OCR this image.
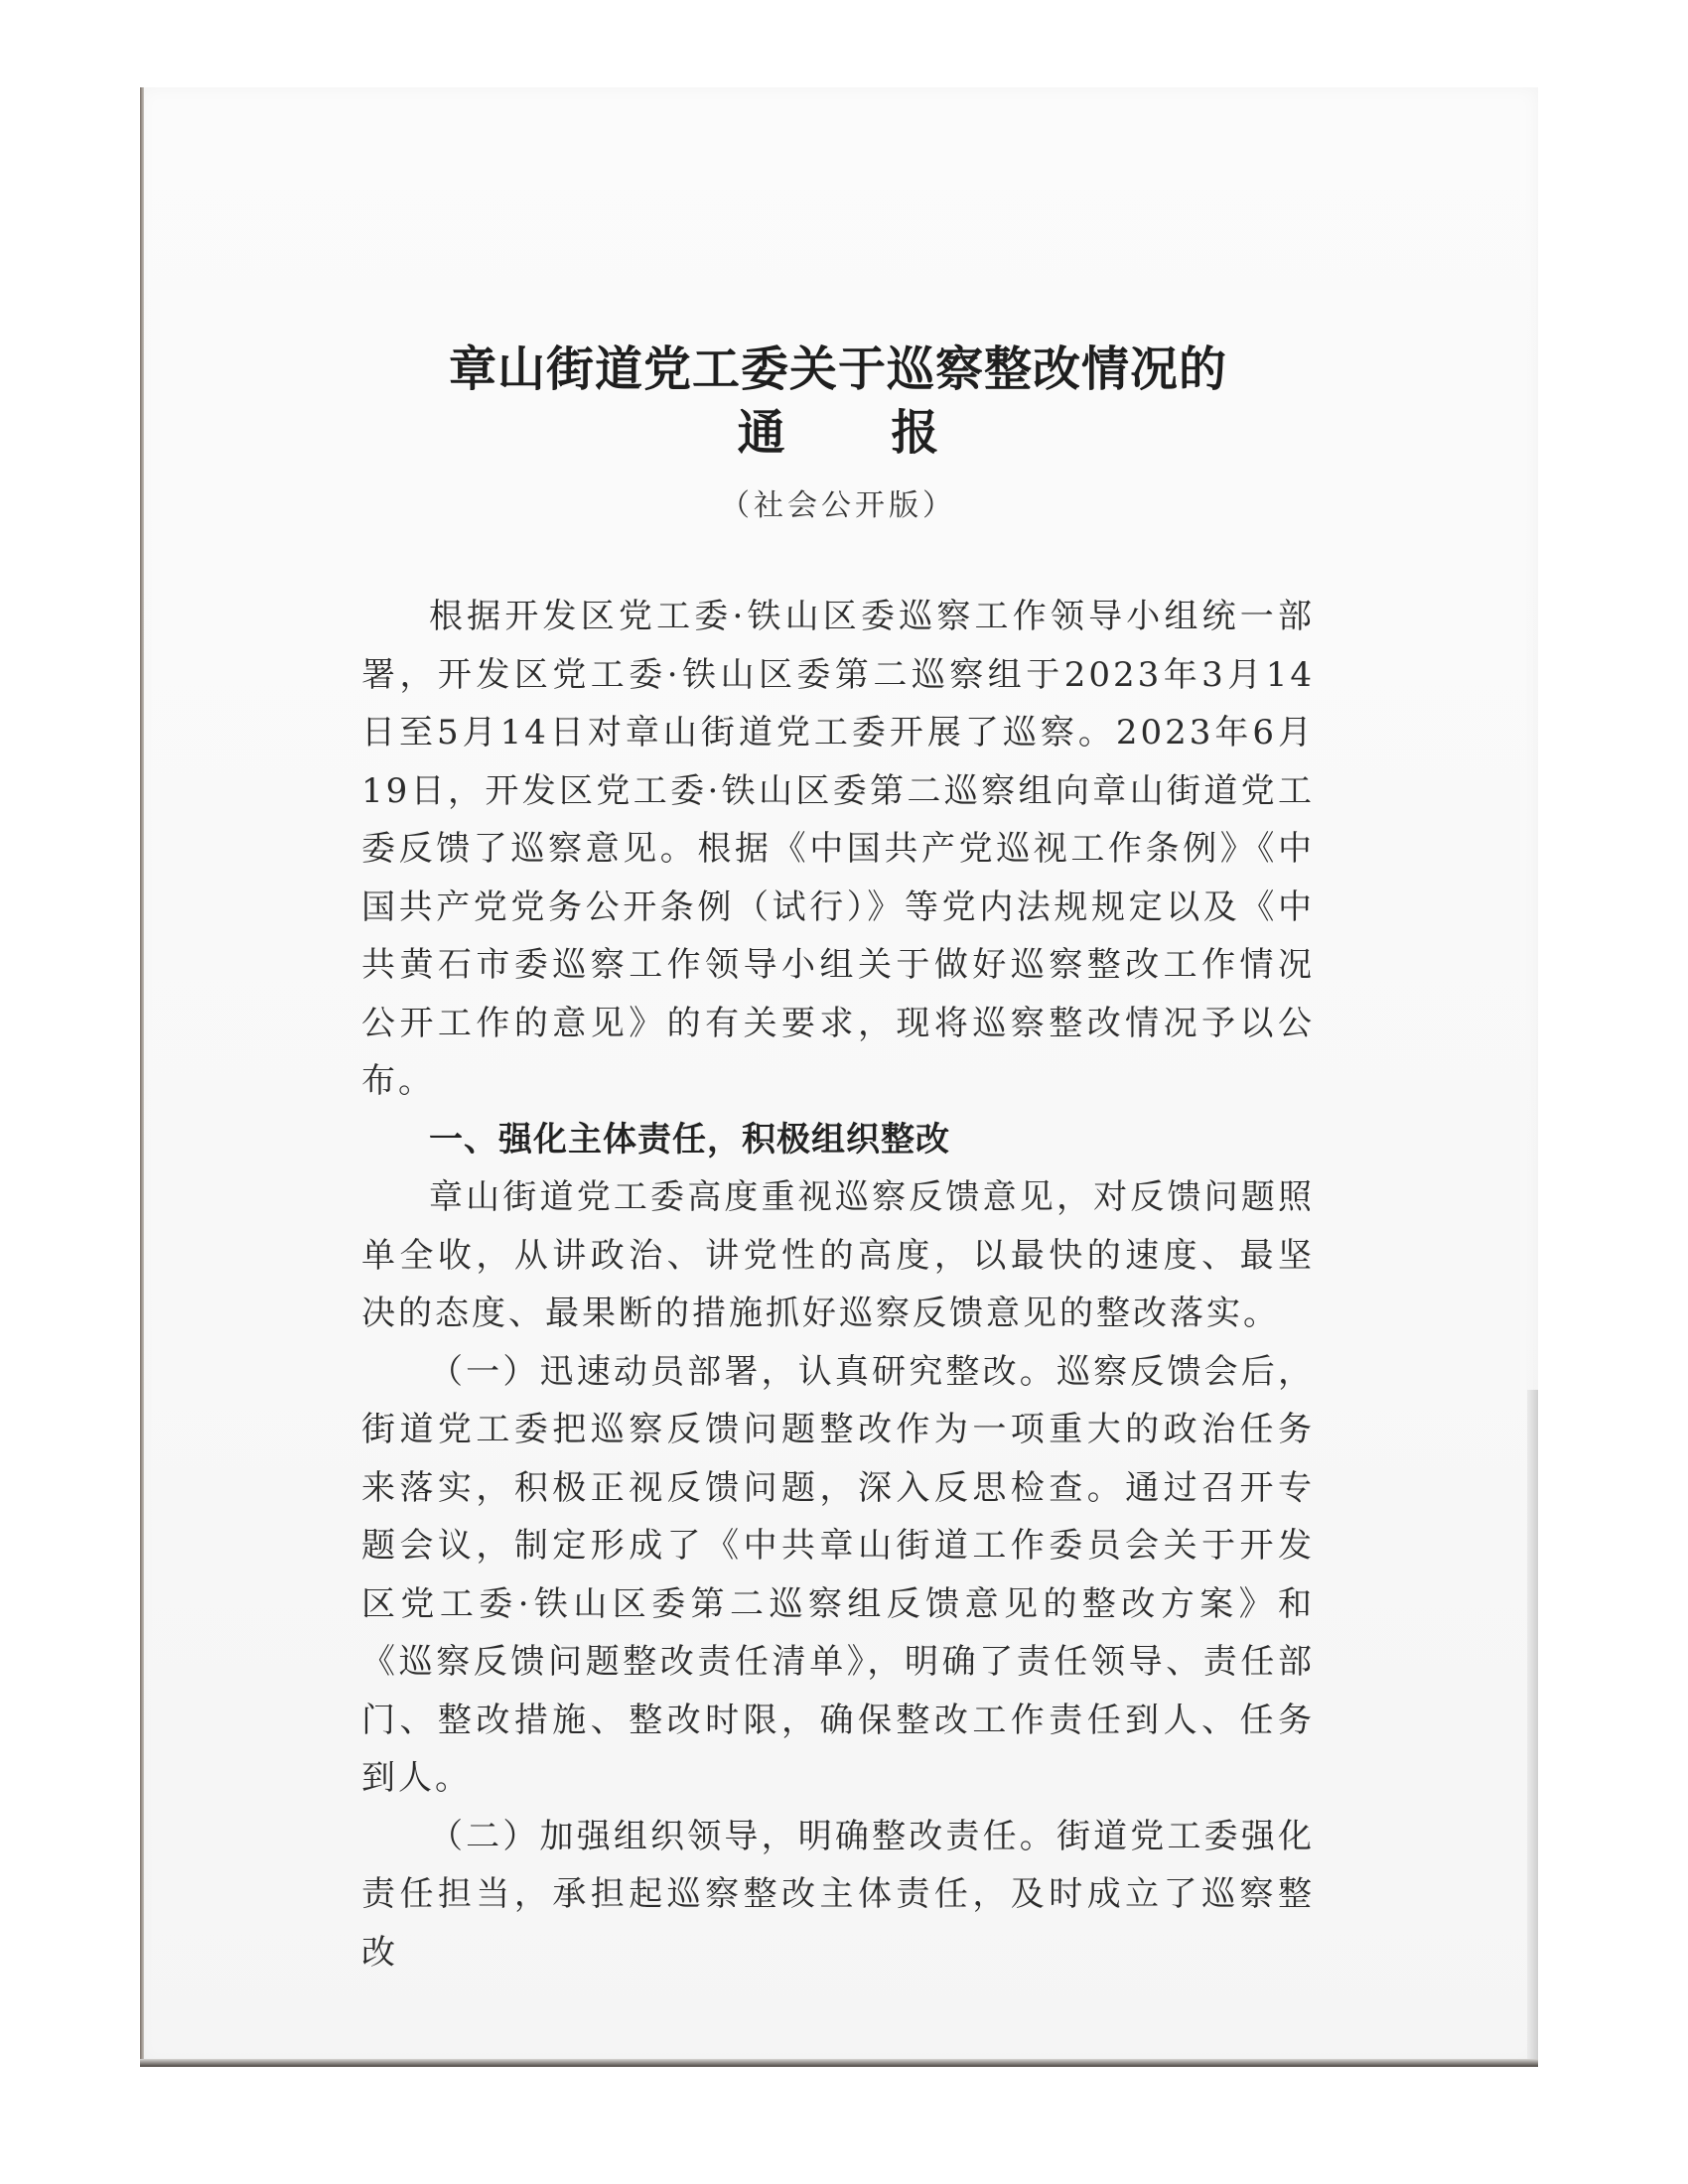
章山街道党工委关于巡察整改情况的
通 报
（社会公开版）

根据开发区党工委·铁山区委巡察工作领导小组统一部署，开发区党工委·铁山区委第二巡察组于2023年3月14日至5月14日对章山街道党工委开展了巡察。2023年6月19日，开发区党工委·铁山区委第二巡察组向章山街道党工委反馈了巡察意见。根据《中国共产党巡视工作条例》《中国共产党党务公开条例（试行）》等党内法规规定以及《中共黄石市委巡察工作领导小组关于做好巡察整改工作情况公开工作的意见》的有关要求，现将巡察整改情况予以公布。

一、强化主体责任，积极组织整改

章山街道党工委高度重视巡察反馈意见，对反馈问题照单全收，从讲政治、讲党性的高度，以最快的速度、最坚决的态度、最果断的措施抓好巡察反馈意见的整改落实。

（一）迅速动员部署，认真研究整改。巡察反馈会后，街道党工委把巡察反馈问题整改作为一项重大的政治任务来落实，积极正视反馈问题，深入反思检查。通过召开专题会议，制定形成了《中共章山街道工作委员会关于开发区党工委·铁山区委第二巡察组反馈意见的整改方案》和《巡察反馈问题整改责任清单》，明确了责任领导、责任部门、整改措施、整改时限，确保整改工作责任到人、任务到人。

（二）加强组织领导，明确整改责任。街道党工委强化责任担当，承担起巡察整改主体责任，及时成立了巡察整改
